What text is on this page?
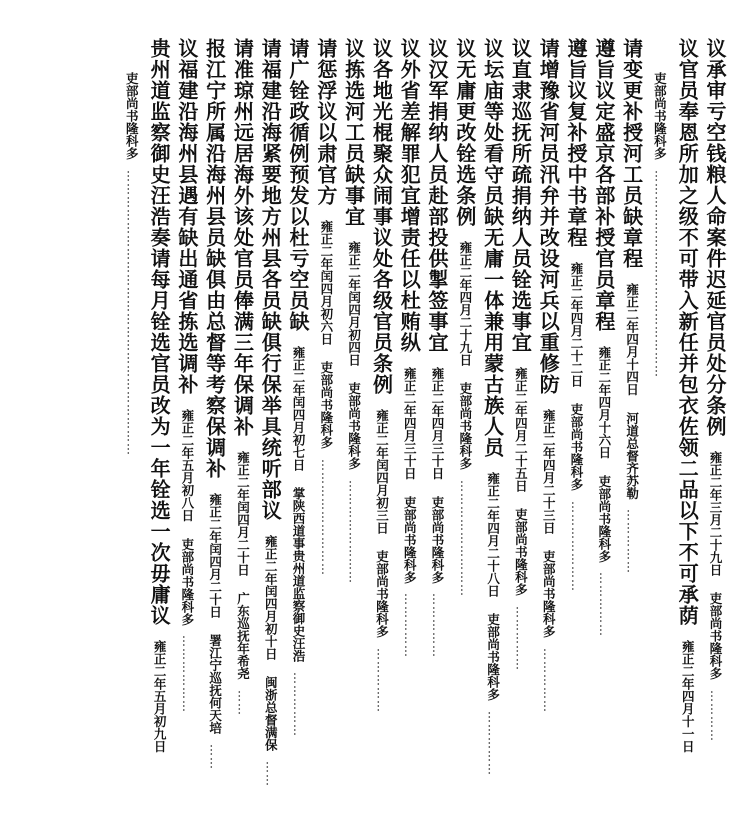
议承审亏空钱粮人命案件迟延官员处分条例雍正二年三月二十九日吏部尚书隆科多…………
议官员奉恩所加之级不可带入新任并包衣佐领二品以下不可承荫雍正二年四月十一日
吏部尚书隆科多…………………………………………
请变更补授河工员缺章程雍正二年四月十四日河道总督齐苏勒……………
遵旨议定盛京各部补授官员章程雍正二年四月十六日吏部尚书隆科多……………
遵旨议复补授中书章程雍正二年四月二十二日吏部尚书隆科多…………………
请增豫省河员汛弁并改设河兵以重修防雍正二年四月二十三日吏部尚书隆科多……………
议直隶巡抚所疏捐纳人员铨选事宜雍正二年四月二十五日吏部尚书隆科多……………
议坛庙等处看守员缺无庸一体兼用蒙古族人员雍正二年四月二十八日吏部尚书隆科多……………
议无庸更改铨选条例雍正二年四月二十九日吏部尚书隆科多………………………
议汉军捐纳人员赴部投供掣签事宜雍正二年四月三十日吏部尚书隆科多……………
议外省差解罪犯宜增责任以杜贿纵雍正二年四月三十日吏部尚书隆科多……………
议各地光棍聚众闹事议处各级官员条例雍正二年闰四月初三日吏部尚书隆科多……………
议拣选河工员缺事宜雍正二年闰四月初四日吏部尚书隆科多……………………
请惩浮议以肃官方雍正二年闰四月初六日吏部尚书隆科多………………………
请广铨政循例预发以杜亏空员缺雍正二年闰四月初七日掌陕西道事贵州道监察御史汪浩……………
请福建沿海紧要地方州县各员缺俱行保举具统听部议雍正二年闰四月初十日闽浙总督满保……
请准琼州远居海外该处官员俸满三年保调补雍正二年闰四月二十日广东巡抚年希尧……
报江宁所属沿海州县员缺俱由总督等考察保调补雍正二年闰四月二十日署江宁巡抚何天培……
议福建沿海州县遇有缺出通省拣选调补雍正二年五月初八日吏部尚书隆科多………………
贵州道监察御史汪浩奏请每月铨选官员改为一年铨选一次毋庸议雍正二年五月初九日
吏部尚书隆科多…………………………………………………………
